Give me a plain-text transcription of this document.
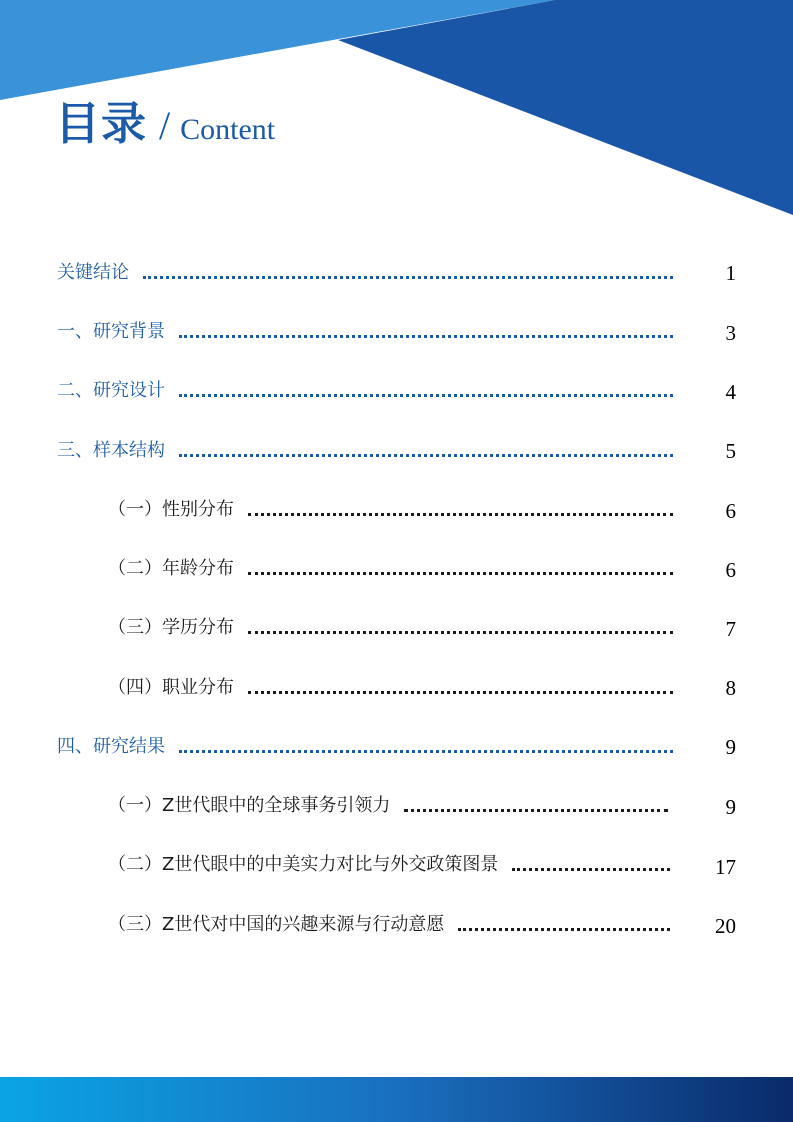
目录 / Content
关键结论	1
一、研究背景	3
二、研究设计	4
三、样本结构	5
（一）性别分布	6
（二）年龄分布	6
（三）学历分布	7
（四）职业分布	8
四、研究结果	9
（一）Z世代眼中的全球事务引领力	9
（二）Z世代眼中的中美实力对比与外交政策图景	17
（三）Z世代对中国的兴趣来源与行动意愿	20
